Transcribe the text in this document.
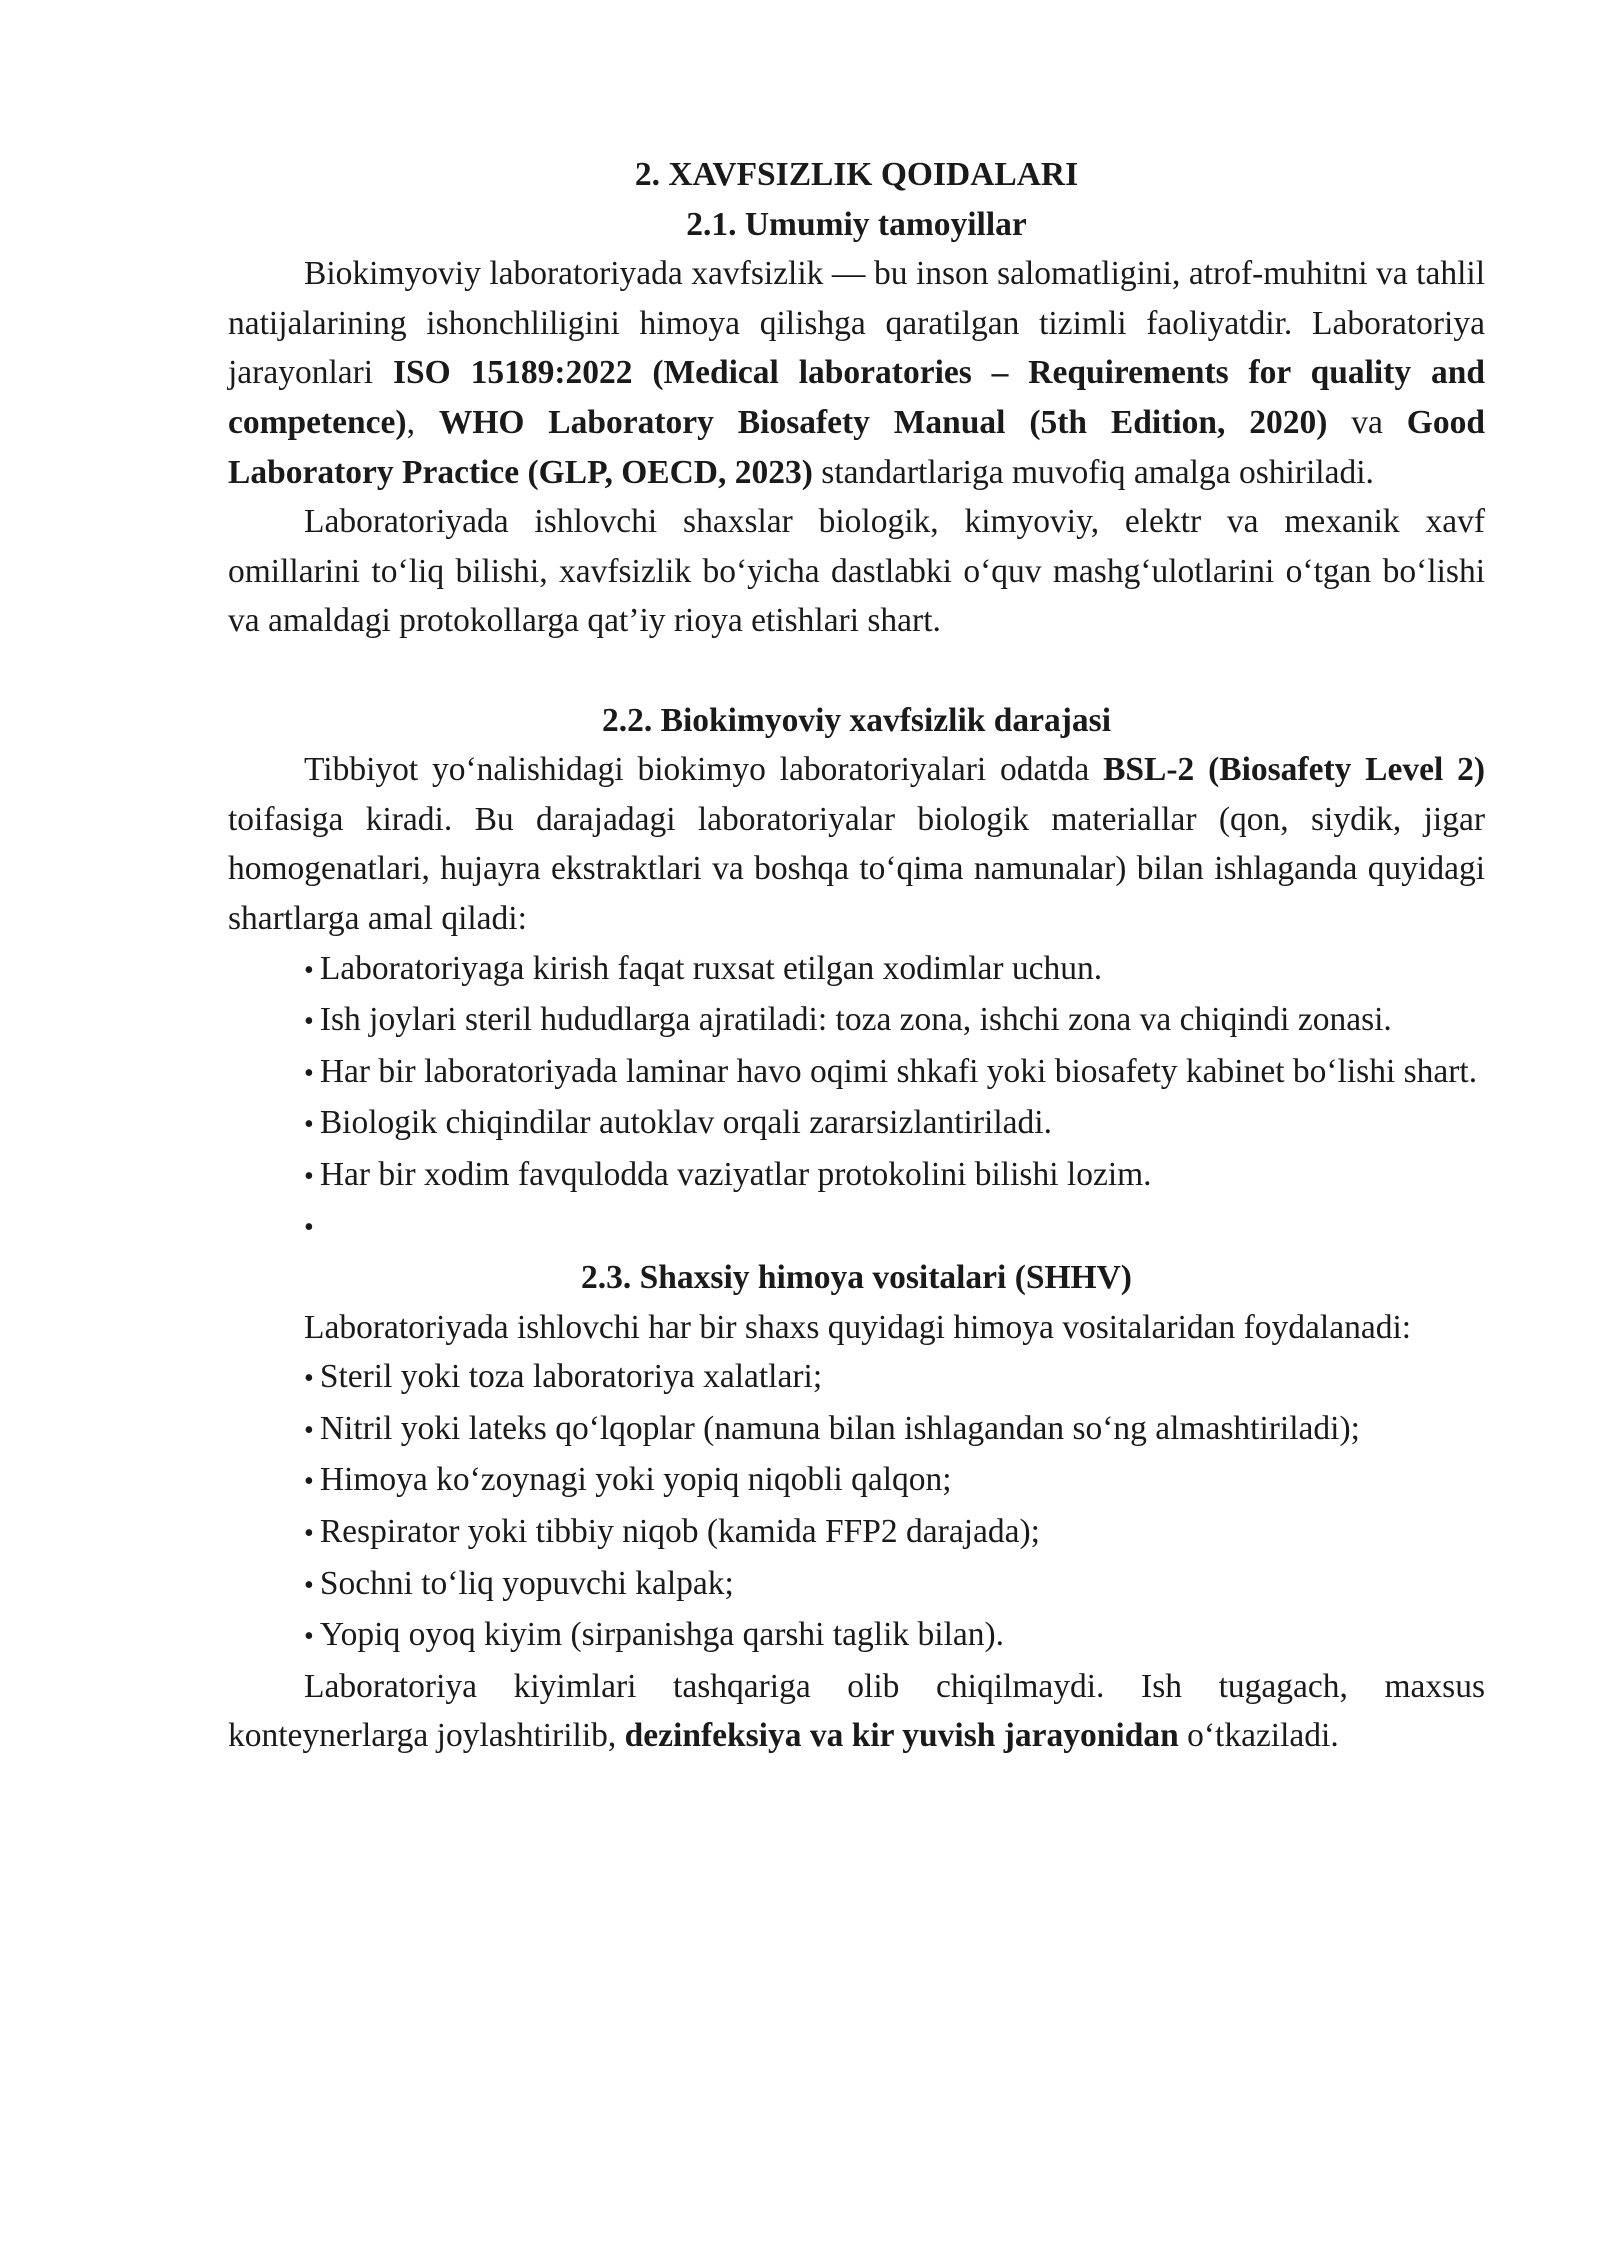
2. XAVFSIZLIK QOIDALARI
2.1. Umumiy tamoyillar

Biokimyoviy laboratoriyada xavfsizlik — bu inson salomatligini, atrof-muhitni va tahlil natijalarining ishonchliligini himoya qilishga qaratilgan tizimli faoliyatdir. Laboratoriya jarayonlari ISO 15189:2022 (Medical laboratories – Requirements for quality and competence), WHO Laboratory Biosafety Manual (5th Edition, 2020) va Good Laboratory Practice (GLP, OECD, 2023) standartlariga muvofiq amalga oshiriladi.

Laboratoriyada ishlovchi shaxslar biologik, kimyoviy, elektr va mexanik xavf omillarini to‘liq bilishi, xavfsizlik bo‘yicha dastlabki o‘quv mashg‘ulotlarini o‘tgan bo‘lishi va amaldagi protokollarga qat’iy rioya etishlari shart.

2.2. Biokimyoviy xavfsizlik darajasi

Tibbiyot yo‘nalishidagi biokimyo laboratoriyalari odatda BSL-2 (Biosafety Level 2) toifasiga kiradi. Bu darajadagi laboratoriyalar biologik materiallar (qon, siydik, jigar homogenatlari, hujayra ekstraktlari va boshqa to‘qima namunalar) bilan ishlaganda quyidagi shartlarga amal qiladi:

• Laboratoriyaga kirish faqat ruxsat etilgan xodimlar uchun.
• Ish joylari steril hududlarga ajratiladi: toza zona, ishchi zona va chiqindi zonasi.
• Har bir laboratoriyada laminar havo oqimi shkafi yoki biosafety kabinet bo‘lishi shart.
• Biologik chiqindilar autoklav orqali zararsizlantiriladi.
• Har bir xodim favqulodda vaziyatlar protokolini bilishi lozim.
•
2.3. Shaxsiy himoya vositalari (SHHV)

Laboratoriyada ishlovchi har bir shaxs quyidagi himoya vositalaridan foydalanadi:

• Steril yoki toza laboratoriya xalatlari;
• Nitril yoki lateks qo‘lqoplar (namuna bilan ishlagandan so‘ng almashtiriladi);
• Himoya ko‘zoynagi yoki yopiq niqobli qalqon;
• Respirator yoki tibbiy niqob (kamida FFP2 darajada);
• Sochni to‘liq yopuvchi kalpak;
• Yopiq oyoq kiyim (sirpanishga qarshi taglik bilan).

Laboratoriya kiyimlari tashqariga olib chiqilmaydi. Ish tugagach, maxsus konteynerlarga joylashtirilib, dezinfeksiya va kir yuvish jarayonidan o‘tkaziladi.
